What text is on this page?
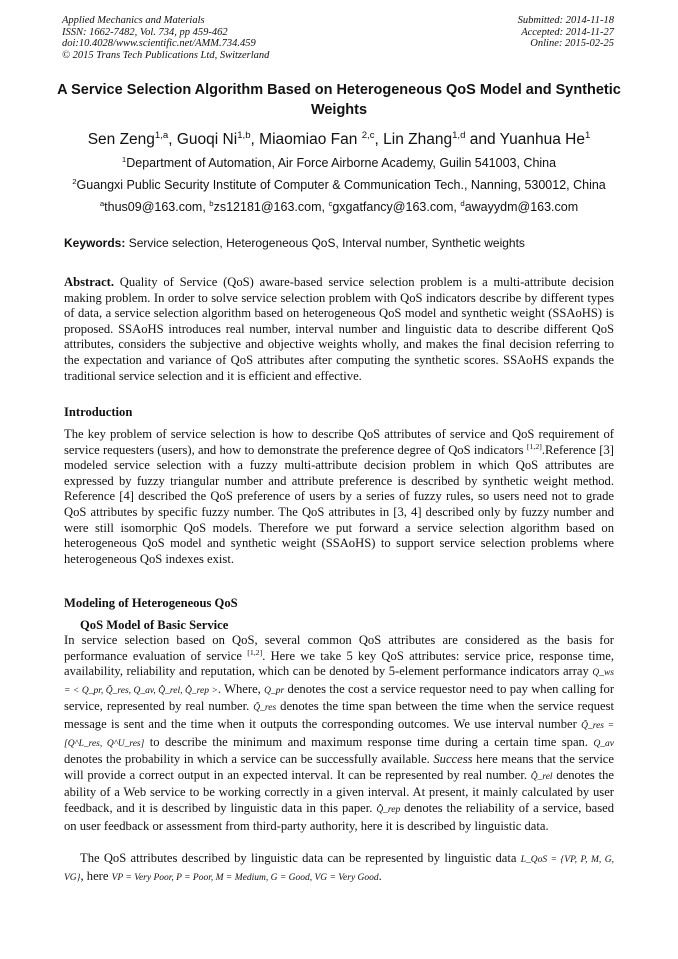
Applied Mechanics and Materials
ISSN: 1662-7482, Vol. 734, pp 459-462
doi:10.4028/www.scientific.net/AMM.734.459
© 2015 Trans Tech Publications Ltd, Switzerland
Submitted: 2014-11-18
Accepted: 2014-11-27
Online: 2015-02-25
A Service Selection Algorithm Based on Heterogeneous QoS Model and Synthetic Weights
Sen Zeng$^{1,a}$, Guoqi Ni$^{1,b}$, Miaomiao Fan $^{2,c}$, Lin Zhang$^{1,d}$ and Yuanhua He$^1$
$^1$Department of Automation, Air Force Airborne Academy, Guilin 541003, China
$^2$Guangxi Public Security Institute of Computer & Communication Tech., Nanning, 530012, China
$^a$thus09@163.com, $^b$zs12181@163.com, $^c$gxgatfancy@163.com, $^d$awayydm@163.com
Keywords: Service selection, Heterogeneous QoS, Interval number, Synthetic weights
Abstract. Quality of Service (QoS) aware-based service selection problem is a multi-attribute decision making problem. In order to solve service selection problem with QoS indicators describe by different types of data, a service selection algorithm based on heterogeneous QoS model and synthetic weight (SSAoHS) is proposed. SSAoHS introduces real number, interval number and linguistic data to describe different QoS attributes, considers the subjective and objective weights wholly, and makes the final decision referring to the expectation and variance of QoS attributes after computing the synthetic scores. SSAoHS expands the traditional service selection and it is efficient and effective.
Introduction
The key problem of service selection is how to describe QoS attributes of service and QoS requirement of service requesters (users), and how to demonstrate the preference degree of QoS indicators [1,2].Reference [3] modeled service selection with a fuzzy multi-attribute decision problem in which QoS attributes are expressed by fuzzy triangular number and attribute preference is described by synthetic weight method. Reference [4] described the QoS preference of users by a series of fuzzy rules, so users need not to grade QoS attributes by specific fuzzy number. The QoS attributes in [3, 4] described only by fuzzy number and were still isomorphic QoS models. Therefore we put forward a service selection algorithm based on heterogeneous QoS model and synthetic weight (SSAoHS) to support service selection problems where heterogeneous QoS indexes exist.
Modeling of Heterogeneous QoS
QoS Model of Basic Service
In service selection based on QoS, several common QoS attributes are considered as the basis for performance evaluation of service [1,2]. Here we take 5 key QoS attributes: service price, response time, availability, reliability and reputation, which can be denoted by 5-element performance indicators array Q_ws = < Q_pr, Q̃_res, Q_av, Q̂_rel, Q̂_rep >. Where, Q_pr denotes the cost a service requestor need to pay when calling for service, represented by real number. Q̃_res denotes the time span between the time when the service request message is sent and the time when it outputs the corresponding outcomes. We use interval number Q̃_res = [Q^L_res, Q^U_res] to describe the minimum and maximum response time during a certain time span. Q_av denotes the probability in which a service can be successfully available. Success here means that the service will provide a correct output in an expected interval. It can be represented by real number. Q̂_rel denotes the ability of a Web service to be working correctly in a given interval. At present, it mainly calculated by user feedback, and it is described by linguistic data in this paper. Q̂_rep denotes the reliability of a service, based on user feedback or assessment from third-party authority, here it is described by linguistic data.
The QoS attributes described by linguistic data can be represented by linguistic data L_QoS = {VP, P, M, G, VG}, here VP = Very Poor, P = Poor, M = Medium, G = Good, VG = Very Good.
